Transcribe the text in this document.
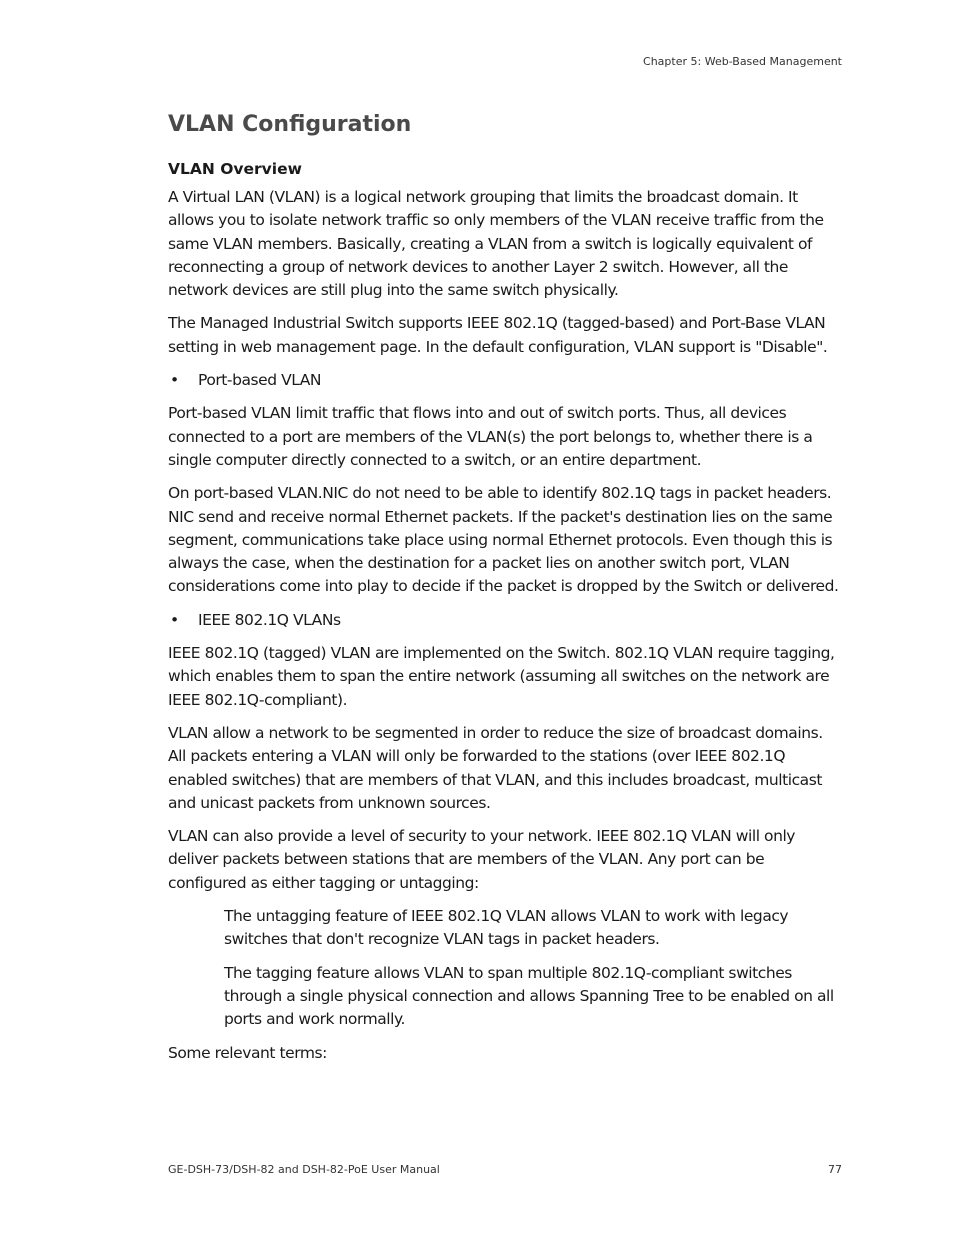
Chapter 5: Web-Based Management
VLAN Configuration
VLAN Overview

A Virtual LAN (VLAN) is a logical network grouping that limits the broadcast domain. It allows you to isolate network traffic so only members of the VLAN receive traffic from the same VLAN members. Basically, creating a VLAN from a switch is logically equivalent of reconnecting a group of network devices to another Layer 2 switch. However, all the network devices are still plug into the same switch physically.

The Managed Industrial Switch supports IEEE 802.1Q (tagged-based) and Port-Base VLAN setting in web management page. In the default configuration, VLAN support is "Disable".

•	Port-based VLAN

Port-based VLAN limit traffic that flows into and out of switch ports. Thus, all devices connected to a port are members of the VLAN(s) the port belongs to, whether there is a single computer directly connected to a switch, or an entire department.

On port-based VLAN.NIC do not need to be able to identify 802.1Q tags in packet headers. NIC send and receive normal Ethernet packets. If the packet's destination lies on the same segment, communications take place using normal Ethernet protocols. Even though this is always the case, when the destination for a packet lies on another switch port, VLAN considerations come into play to decide if the packet is dropped by the Switch or delivered.

•	IEEE 802.1Q VLANs

IEEE 802.1Q (tagged) VLAN are implemented on the Switch. 802.1Q VLAN require tagging, which enables them to span the entire network (assuming all switches on the network are IEEE 802.1Q-compliant).

VLAN allow a network to be segmented in order to reduce the size of broadcast domains. All packets entering a VLAN will only be forwarded to the stations (over IEEE 802.1Q enabled switches) that are members of that VLAN, and this includes broadcast, multicast and unicast packets from unknown sources.

VLAN can also provide a level of security to your network. IEEE 802.1Q VLAN will only deliver packets between stations that are members of the VLAN. Any port can be configured as either tagging or untagging:

The untagging feature of IEEE 802.1Q VLAN allows VLAN to work with legacy switches that don't recognize VLAN tags in packet headers.

The tagging feature allows VLAN to span multiple 802.1Q-compliant switches through a single physical connection and allows Spanning Tree to be enabled on all ports and work normally.

Some relevant terms:

GE-DSH-73/DSH-82 and DSH-82-PoE User Manual	77
